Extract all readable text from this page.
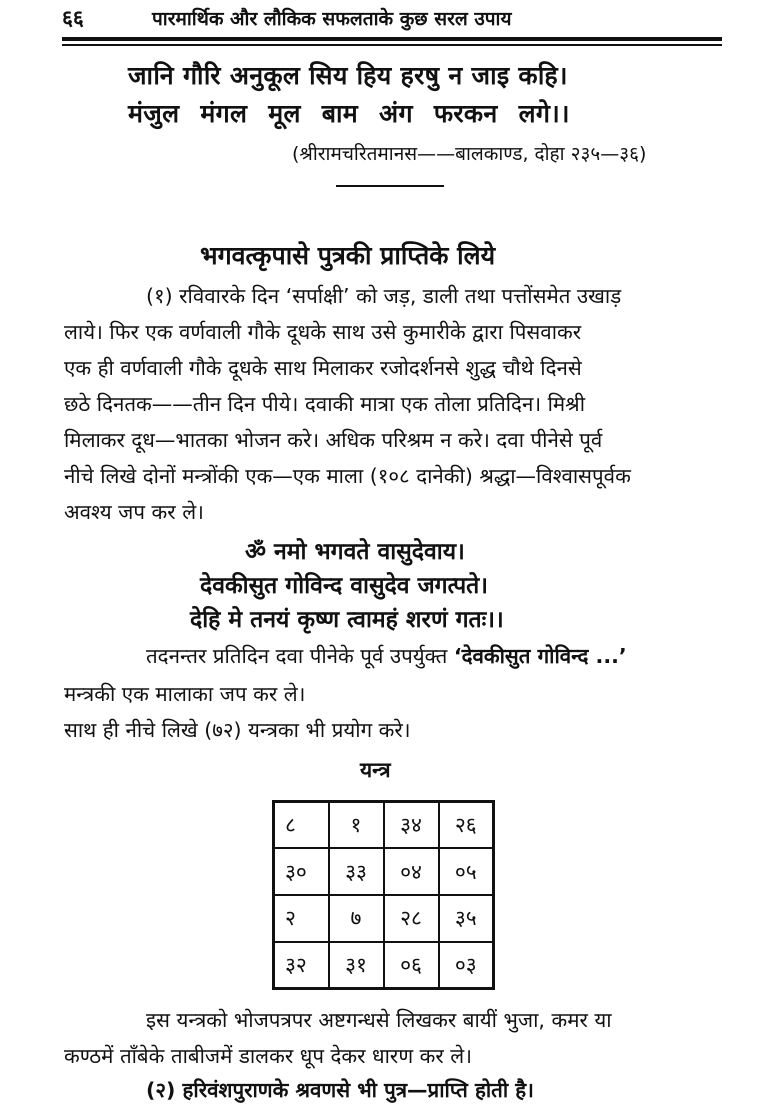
६६	पारमार्थिक और लौकिक सफलताके कुछ सरल उपाय
जानि गौरि अनुकूल सिय हिय हरषु न जाइ कहि।
मंजुल मंगल मूल बाम अंग फरकन लगे।।
(श्रीरामचरितमानस——बालकाण्ड, दोहा २३५—३६)
भगवत्कृपासे पुत्रकी प्राप्तिके लिये
(१) रविवारके दिन ‘सर्पाक्षी’ को जड़, डाली तथा पत्तोंसमेत उखाड़
लाये। फिर एक वर्णवाली गौके दूधके साथ उसे कुमारीके द्वारा पिसवाकर
एक ही वर्णवाली गौके दूधके साथ मिलाकर रजोदर्शनसे शुद्ध चौथे दिनसे
छठे दिनतक——तीन दिन पीये। दवाकी मात्रा एक तोला प्रतिदिन। मिश्री
मिलाकर दूध—भातका भोजन करे। अधिक परिश्रम न करे। दवा पीनेसे पूर्व
नीचे लिखे दोनों मन्त्रोंकी एक—एक माला (१०८ दानेकी) श्रद्धा—विश्वासपूर्वक
अवश्य जप कर ले।
ॐ नमो भगवते वासुदेवाय।
देवकीसुत गोविन्द वासुदेव जगत्पते।
देहि मे तनयं कृष्ण त्वामहं शरणं गतः।।
तदनन्तर प्रतिदिन दवा पीनेके पूर्व उपर्युक्त ‘देवकीसुत गोविन्द ...’
मन्त्रकी एक मालाका जप कर ले।
साथ ही नीचे लिखे (७२) यन्त्रका भी प्रयोग करे।
यन्त्र
८	१	३४	२६
३०	३३	०४	०५
२	७	२८	३५
३२	३१	०६	०३
इस यन्त्रको भोजपत्रपर अष्टगन्धसे लिखकर बायीं भुजा, कमर या
कण्ठमें ताँबेके ताबीजमें डालकर धूप देकर धारण कर ले।
(२) हरिवंशपुराणके श्रवणसे भी पुत्र—प्राप्ति होती है।
